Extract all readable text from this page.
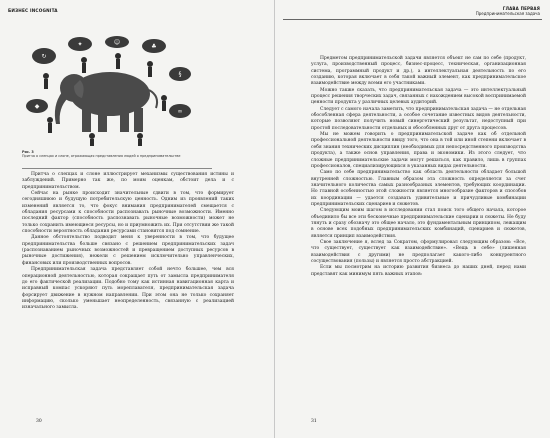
БИЗНЕС INCOGNITA
↻
✦	☺
♣
§
∞
◆
Рис. 3
Притча о слепцах и слоне, отражающая представления людей о предпринимательстве

Притча о слепцах и слоне иллюстрирует механизмы существования истины и заблуждений. Примерно так же, по моим оценкам, обстоит дела и с предпринимательством.

Сейчас на рынке происходит значительные сдвиги в том, что формирует сегодняшнюю и будущую потребительскую ценность. Одним из проявлений таких изменений является то, что фокус внимания предпринимателей смещается с обладания ресурсами к способности распознавать рыночные возможности. Именно последний фактор (способность распознавать рыночные возможности) может не только сохранить имеющиеся ресурсы, но и приумножить их. При отсутствии же такой способности вероятность обладания ресурсами становится под сомнение.

Данное обстоятельство подводит меня к уверенности в том, что будущее предпринимательства больше связано с решением предпринимательских задач (распознаванием рыночных возможностей и превращением доступных ресурсов в рыночные достижения), нежели с решением исключительно управленческих, финансовых или производственных вопросов.

Предпринимательская задача представляет собой нечто большее, чем вся операционной деятельностью, которая сокращает путь от замысла предпринимателя до его фактической реализации. Подобно тому как истинная навигационная карта и исправный компас ускоряют путь мореплавателя, предпринимательская задача форсирует движение в нужном направлении. При этом она не только сохраняет информацию, сколько уменьшает неопределенность, связанную с реализацией изначального замысла.

30
ГЛАВА ПЕРВАЯ
Предпринимательская задача

Предметом предпринимательской задачи является объект не сам по себе (продукт, услуга, производственный процесс, бизнес-процесс, техническая, организационная система, программный продукт и др.), а интеллектуальная деятельность по его созданию, которая включает в себя такой важный элемент, как предпринимательское взаимодействие между всеми его участниками.

Можно также сказать, что предпринимательская задача — это интеллектуальный процесс решения творческих задач, связанных с нахождением высокой воспринимаемой ценности продукта у различных целевых аудиторий.

Следует с самого начала заметить, что предпринимательская задача — не отдельная обособленная сфера деятельности, а особое сочетание известных видов деятельности, которые позволяют получить новый синергетический результат, недоступный при простой последовательности отдельных и обособленных друг от друга процессов.

Мы не можем говорить о предпринимательской задаче как об отдельной профессиональной деятельности ввиду того, что она в той или иной степени включает в себя знания технических дисциплин (необходимых для непосредственного производства продукта), а также основ управления, права и экономики. Из этого следует, что сложные предпринимательские задачи могут решаться, как правило, лишь в группах профессионалов, специализирующихся в указанных видах деятельности.

Само по себе предпринимательство как область деятельности обладает большой внутренней сложностью. Главным образом эта сложность определяется за счет значительного количества самых разнообразных элементов, требующих координации. Но главной особенностью этой сложности является многообразие факторов и способов их координации — удается создавать удивительные и причудливые комбинации предпринимательских сценариев и сюжетов.

Следующим моим шагом в исследовании стал поиск того общего начала, которое объединило бы все эти бесконечные предпринимательские сценарии и сюжеты. Не буду тянуть и сразу обозначу это общее начало, это фундаментальным принципом, лежащим в основе всех подобных предпринимательских комбинаций, сценариев и сюжетов, является принцип взаимодействия.

Свое заключение я, вслед за Сократом, сформулировал следующим образом: «Все, что существует, существует как взаимодействие». «Вещь в себе» (лишенная взаимодействия с другими) не предполагает какого-либо конкурентного сосуществования (пользы) и является просто абстракцией.

Если мы посмотрим на историю развития бизнеса до наших дней, перед нами представят как минимум пять важных этапов:

31
